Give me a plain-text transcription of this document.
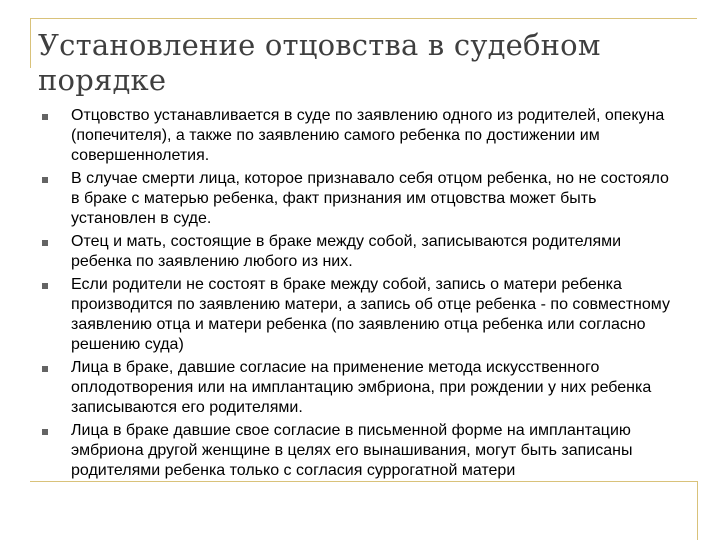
Установление отцовства в судебном порядке
Отцовство устанавливается в суде по заявлению одного из родителей, опекуна (попечителя), а также по заявлению самого ребенка по достижении им совершеннолетия.
В случае смерти лица, которое признавало себя отцом ребенка, но не состояло в браке с матерью ребенка, факт признания им отцовства может быть установлен в суде.
Отец и мать, состоящие в браке между собой, записываются родителями ребенка по заявлению любого из них.
Если родители не состоят в браке между собой, запись о матери ребенка производится по заявлению матери, а запись об отце ребенка - по совместному заявлению отца и матери ребенка (по заявлению отца ребенка или согласно решению суда)
Лица в браке, давшие согласие на применение метода искусственного оплодотворения или на имплантацию эмбриона, при рождении у них ребенка записываются его родителями.
Лица в браке давшие свое согласие в письменной форме на имплантацию эмбриона другой женщине в целях его вынашивания, могут быть записаны родителями ребенка только с согласия суррогатной матери
